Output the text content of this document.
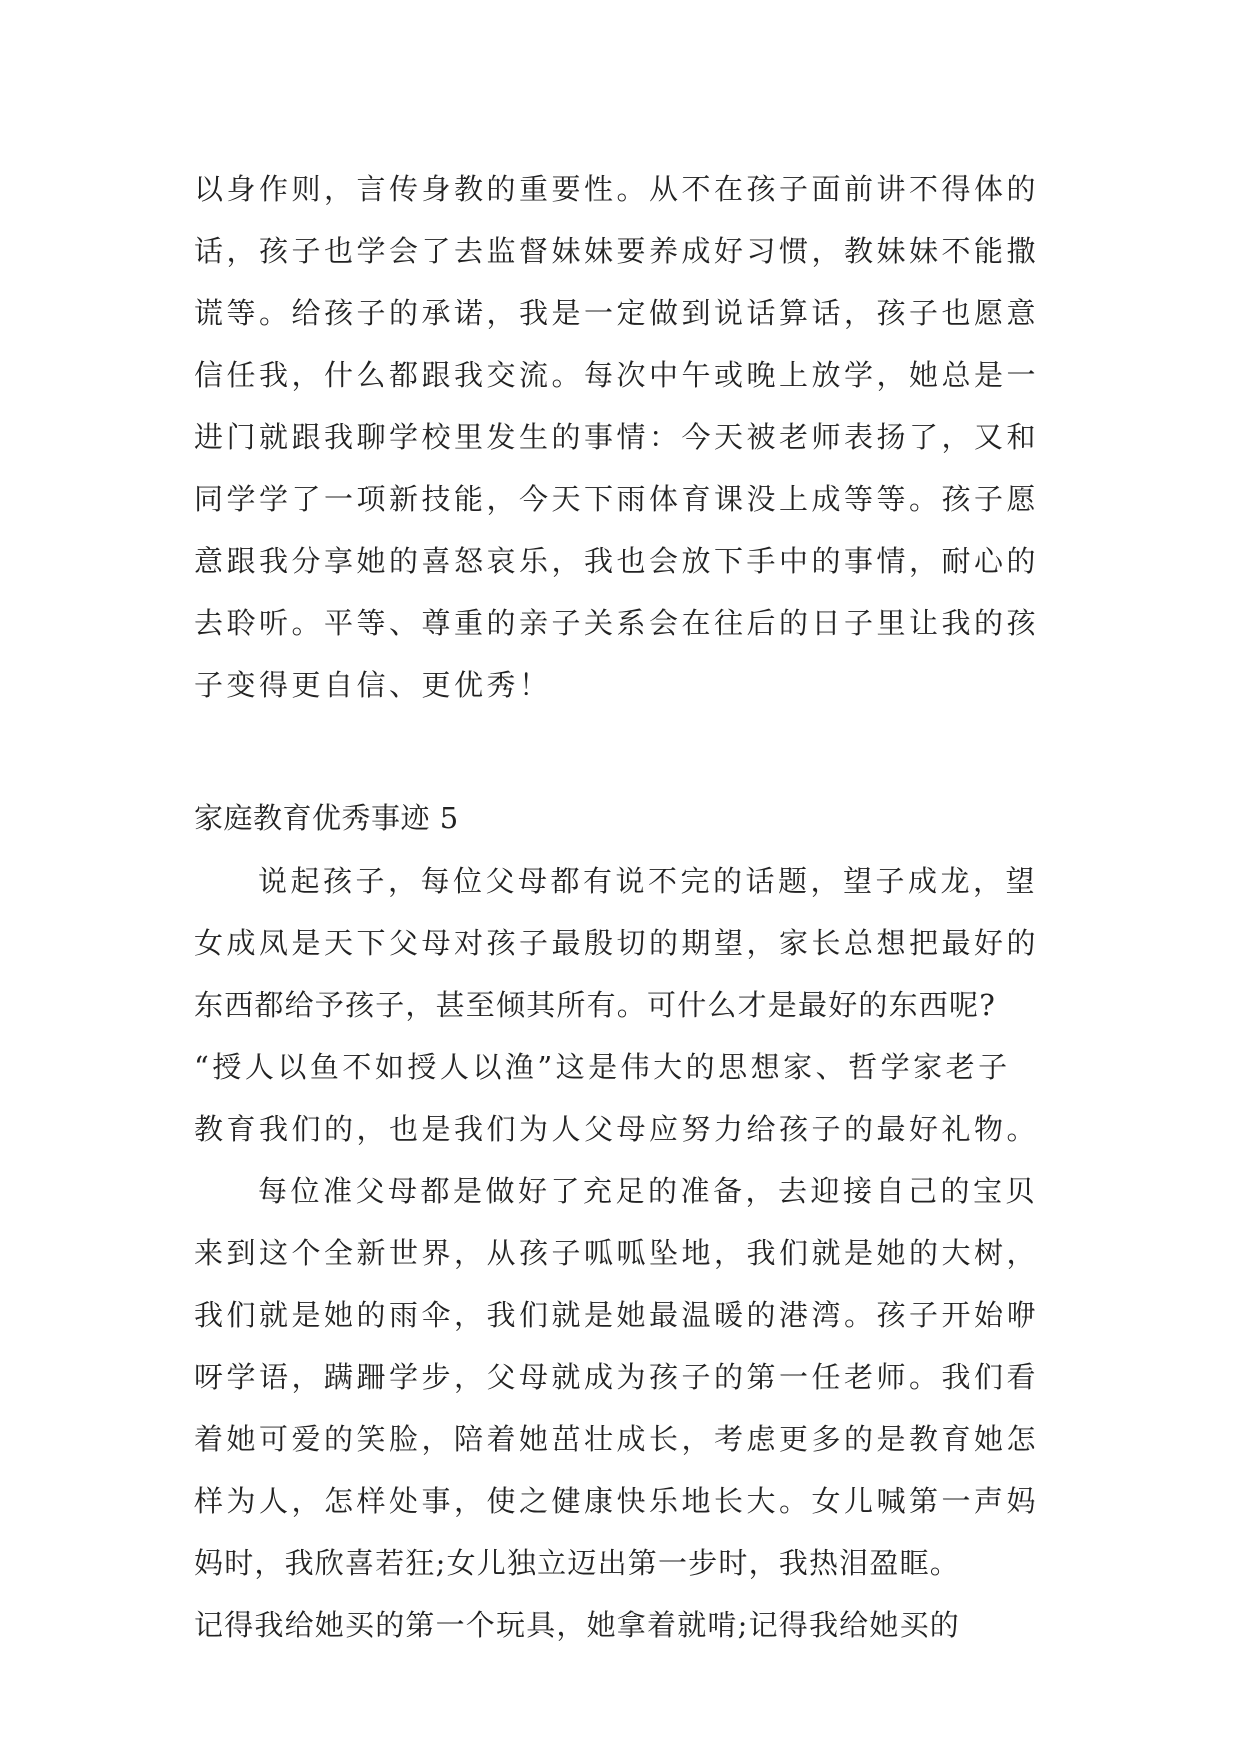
以身作则，言传身教的重要性。从不在孩子面前讲不得体的
话，孩子也学会了去监督妹妹要养成好习惯，教妹妹不能撒
谎等。给孩子的承诺，我是一定做到说话算话，孩子也愿意
信任我，什么都跟我交流。每次中午或晚上放学，她总是一
进门就跟我聊学校里发生的事情：今天被老师表扬了，又和
同学学了一项新技能，今天下雨体育课没上成等等。孩子愿
意跟我分享她的喜怒哀乐，我也会放下手中的事情，耐心的
去聆听。平等、尊重的亲子关系会在往后的日子里让我的孩
子变得更自信、更优秀！
家庭教育优秀事迹 5
说起孩子，每位父母都有说不完的话题，望子成龙，望
女成凤是天下父母对孩子最殷切的期望，家长总想把最好的
东西都给予孩子，甚至倾其所有。可什么才是最好的东西呢?
“授人以鱼不如授人以渔”这是伟大的思想家、哲学家老子
教育我们的，也是我们为人父母应努力给孩子的最好礼物。
每位准父母都是做好了充足的准备，去迎接自己的宝贝
来到这个全新世界，从孩子呱呱坠地，我们就是她的大树，
我们就是她的雨伞，我们就是她最温暖的港湾。孩子开始咿
呀学语，蹒跚学步，父母就成为孩子的第一任老师。我们看
着她可爱的笑脸，陪着她茁壮成长，考虑更多的是教育她怎
样为人，怎样处事，使之健康快乐地长大。女儿喊第一声妈
妈时，我欣喜若狂;女儿独立迈出第一步时，我热泪盈眶。
记得我给她买的第一个玩具，她拿着就啃;记得我给她买的
